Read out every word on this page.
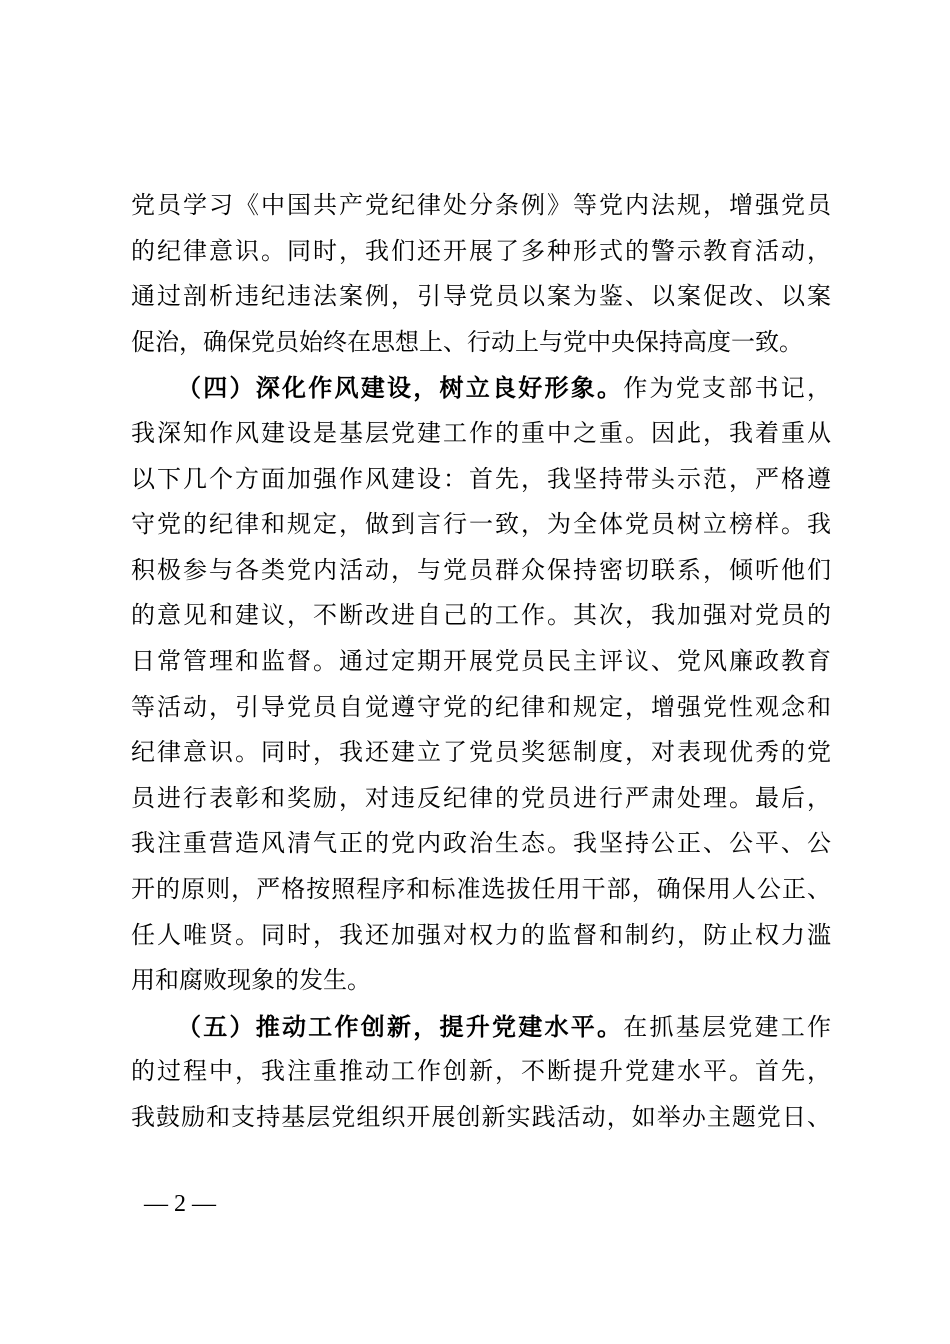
党员学习《中国共产党纪律处分条例》等党内法规，增强党员
的纪律意识。同时，我们还开展了多种形式的警示教育活动，
通过剖析违纪违法案例，引导党员以案为鉴、以案促改、以案
促治，确保党员始终在思想上、行动上与党中央保持高度一致。
（四）深化作风建设，树立良好形象。作为党支部书记，
我深知作风建设是基层党建工作的重中之重。因此，我着重从
以下几个方面加强作风建设：首先，我坚持带头示范，严格遵
守党的纪律和规定，做到言行一致，为全体党员树立榜样。我
积极参与各类党内活动，与党员群众保持密切联系，倾听他们
的意见和建议，不断改进自己的工作。其次，我加强对党员的
日常管理和监督。通过定期开展党员民主评议、党风廉政教育
等活动，引导党员自觉遵守党的纪律和规定，增强党性观念和
纪律意识。同时，我还建立了党员奖惩制度，对表现优秀的党
员进行表彰和奖励，对违反纪律的党员进行严肃处理。最后，
我注重营造风清气正的党内政治生态。我坚持公正、公平、公
开的原则，严格按照程序和标准选拔任用干部，确保用人公正、
任人唯贤。同时，我还加强对权力的监督和制约，防止权力滥
用和腐败现象的发生。
（五）推动工作创新，提升党建水平。在抓基层党建工作
的过程中，我注重推动工作创新，不断提升党建水平。首先，
我鼓励和支持基层党组织开展创新实践活动，如举办主题党日、
— 2 —
